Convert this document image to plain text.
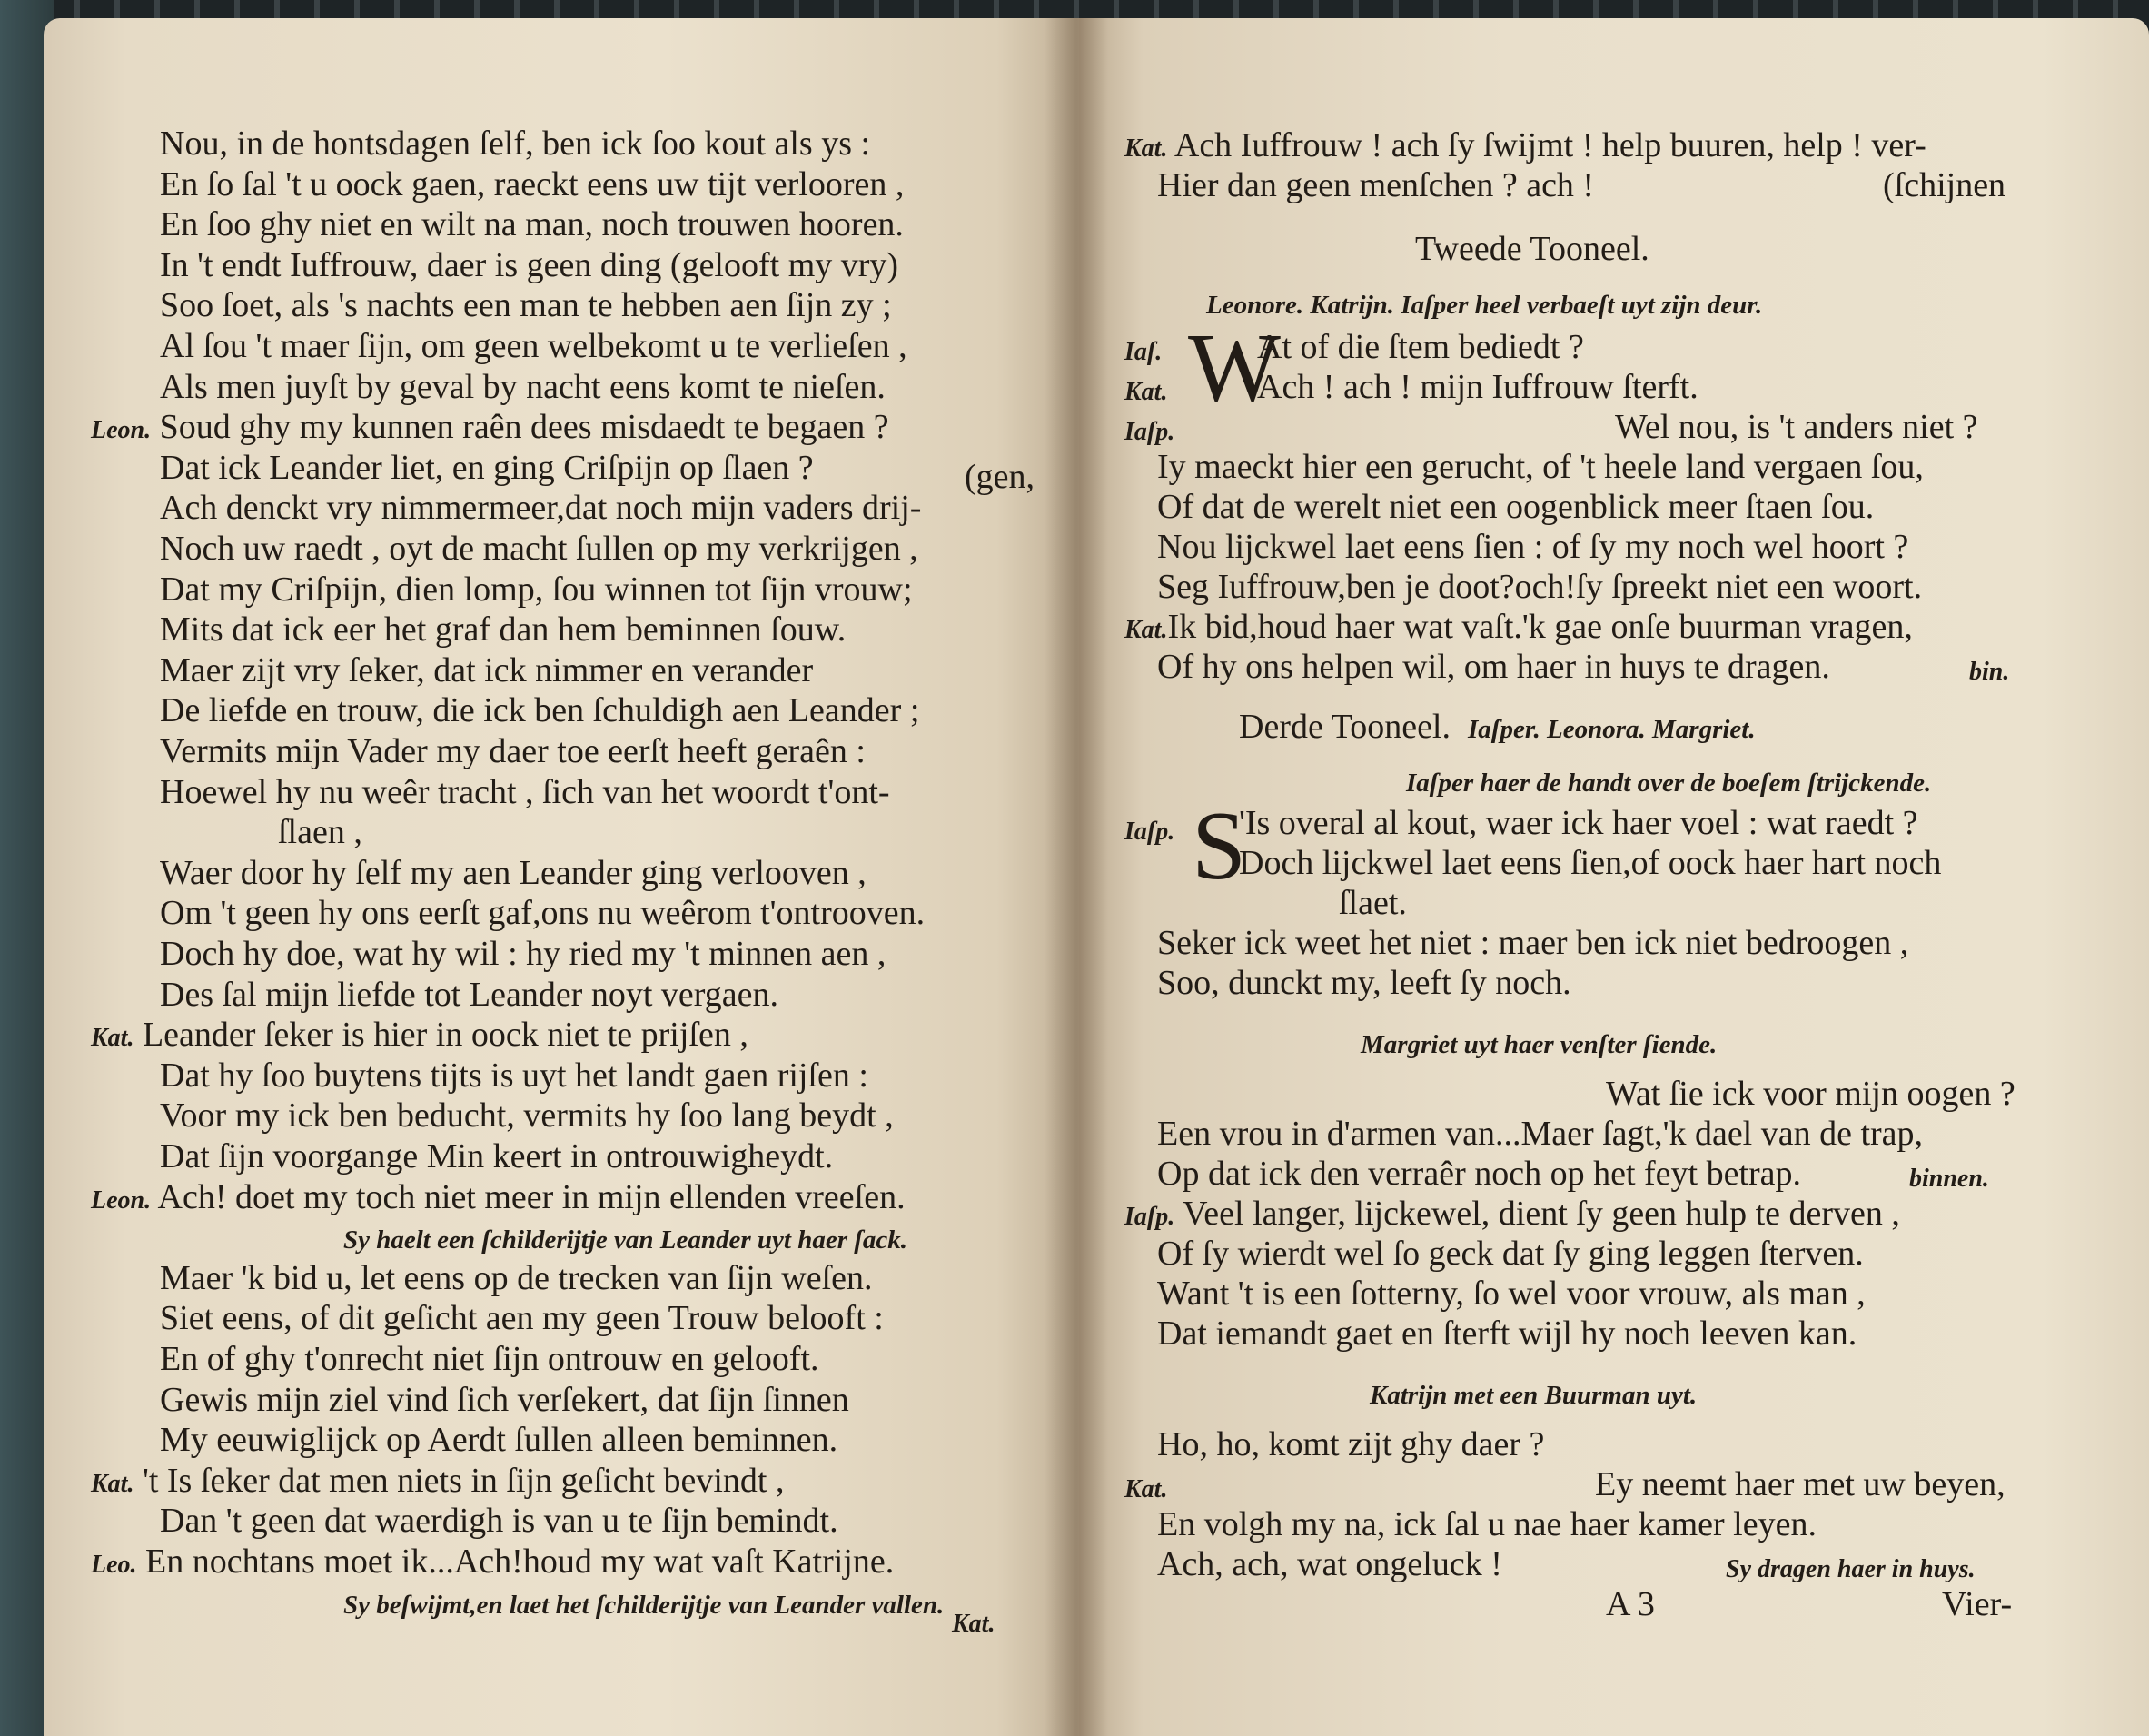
Nou, in de hontsdagen ſelf, ben ick ſoo kout als ys :
En ſo ſal 't u oock gaen, raeckt eens uw tijt verlooren ,
En ſoo ghy niet en wilt na man, noch trouwen hooren.
In 't endt Iuffrouw, daer is geen ding (gelooft my vry)
Soo ſoet, als 's nachts een man te hebben aen ſijn zy ;
Al ſou 't maer ſijn, om geen welbekomt u te verlieſen ,
Als men juyſt by geval by nacht eens komt te nieſen.
Leon. Soud ghy my kunnen raên dees misdaedt te begaen ?
Dat ick Leander liet, en ging Criſpijn op ſlaen ?	(gen,
Ach denckt vry nimmermeer,dat noch mijn vaders drij-
Noch uw raedt , oyt de macht ſullen op my verkrijgen ,
Dat my Criſpijn, dien lomp, ſou winnen tot ſijn vrouw;
Mits dat ick eer het graf dan hem beminnen ſouw.
Maer zijt vry ſeker, dat ick nimmer en verander
De liefde en trouw, die ick ben ſchuldigh aen Leander ;
Vermits mijn Vader my daer toe eerſt heeft geraên :
Hoewel hy nu weêr tracht , ſich van het woordt t'ont-
ſlaen ,
Waer door hy ſelf my aen Leander ging verlooven ,
Om 't geen hy ons eerſt gaf,ons nu weêrom t'ontrooven.
Doch hy doe, wat hy wil : hy ried my 't minnen aen ,
Des ſal mijn liefde tot Leander noyt vergaen.
Kat. Leander ſeker is hier in oock niet te prijſen ,
Dat hy ſoo buytens tijts is uyt het landt gaen rijſen :
Voor my ick ben beducht, vermits hy ſoo lang beydt ,
Dat ſijn voorgange Min keert in ontrouwigheydt.
Leon. Ach! doet my toch niet meer in mijn ellenden vreeſen.
Sy haelt een ſchilderijtje van Leander uyt haer ſack.
Maer 'k bid u, let eens op de trecken van ſijn weſen.
Siet eens, of dit geſicht aen my geen Trouw belooft :
En of ghy t'onrecht niet ſijn ontrouw en gelooft.
Gewis mijn ziel vind ſich verſekert, dat ſijn ſinnen
My eeuwiglijck op Aerdt ſullen alleen beminnen.
Kat. 't Is ſeker dat men niets in ſijn geſicht bevindt ,
Dan 't geen dat waerdigh is van u te ſijn bemindt.
Leo. En nochtans moet ik...Ach!houd my wat vaſt Katrijne.
Sy beſwijmt,en laet het ſchilderijtje van Leander vallen.
Kat.
Kat. Ach Iuffrouw ! ach ſy ſwijmt ! help buuren, help ! ver-
Hier dan geen menſchen ? ach !	(ſchijnen
Tweede Tooneel.
Leonore. Katrijn. Iaſper heel verbaeſt uyt zijn deur.
Iaſ. W
At of die ſtem bediedt ?
Kat.	Ach ! ach ! mijn Iuffrouw ſterft.
Iaſp.	Wel nou, is 't anders niet ?
Iy maeckt hier een gerucht, of 't heele land vergaen ſou,
Of dat de werelt niet een oogenblick meer ſtaen ſou.
Nou lijckwel laet eens ſien : of ſy my noch wel hoort ?
Seg Iuffrouw,ben je doot?och!ſy ſpreekt niet een woort.
Kat.Ik bid,houd haer wat vaſt.'k gae onſe buurman vragen,
Of hy ons helpen wil, om haer in huys te dragen.	bin.
Derde Tooneel. Iaſper. Leonora. Margriet.
Iaſper haer de handt over de boeſem ſtrijckende.
Iaſp. S
'Is overal al kout, waer ick haer voel : wat raedt ?
Doch lijckwel laet eens ſien,of oock haer hart noch
ſlaet.
Seker ick weet het niet : maer ben ick niet bedroogen ,
Soo, dunckt my, leeft ſy noch.
Margriet uyt haer venſter ſiende.
Wat ſie ick voor mijn oogen ?
Een vrou in d'armen van...Maer ſagt,'k dael van de trap,
Op dat ick den verraêr noch op het feyt betrap.	binnen.
Iaſp. Veel langer, lijckewel, dient ſy geen hulp te derven ,
Of ſy wierdt wel ſo geck dat ſy ging leggen ſterven.
Want 't is een ſotterny, ſo wel voor vrouw, als man ,
Dat iemandt gaet en ſterft wijl hy noch leeven kan.
Katrijn met een Buurman uyt.
Ho, ho, komt zijt ghy daer ?
Kat.	Ey neemt haer met uw beyen,
En volgh my na, ick ſal u nae haer kamer leyen.
Ach, ach, wat ongeluck !	Sy dragen haer in huys.
A 3	Vier-
